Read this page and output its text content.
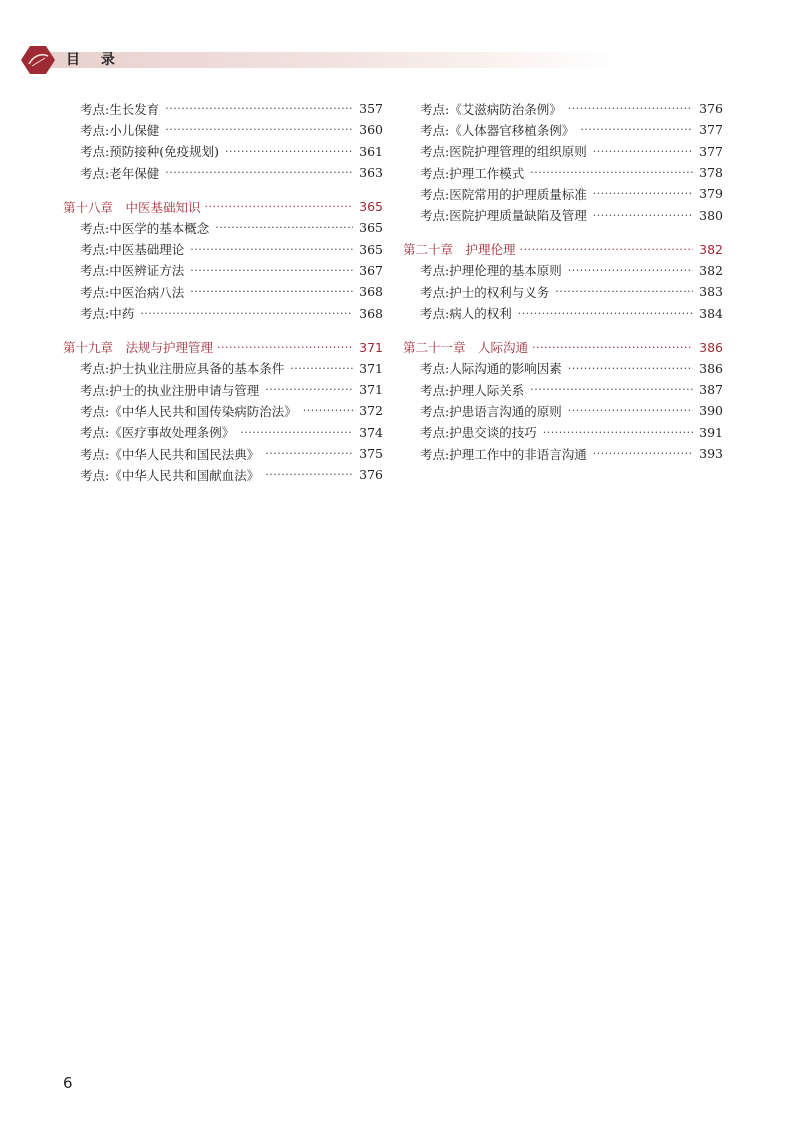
目 录
考点:生长发育 ·····	357
考点:小儿保健 ·····	360
考点:预防接种(免疫规划) ·····	361
考点:老年保健 ·····	363
第十八章　中医基础知识 ·····	365
考点:中医学的基本概念 ·····	365
考点:中医基础理论 ·····	365
考点:中医辨证方法 ·····	367
考点:中医治病八法 ·····	368
考点:中药 ·····	368
第十九章　法规与护理管理 ·····	371
考点:护士执业注册应具备的基本条件 ·····	371
考点:护士的执业注册申请与管理 ·····	371
考点:《中华人民共和国传染病防治法》 ·····	372
考点:《医疗事故处理条例》 ·····	374
考点:《中华人民共和国民法典》 ·····	375
考点:《中华人民共和国献血法》 ·····	376
考点:《艾滋病防治条例》 ·····	376
考点:《人体器官移植条例》 ·····	377
考点:医院护理管理的组织原则 ·····	377
考点:护理工作模式 ·····	378
考点:医院常用的护理质量标准 ·····	379
考点:医院护理质量缺陷及管理 ·····	380
第二十章　护理伦理 ·····	382
考点:护理伦理的基本原则 ·····	382
考点:护士的权利与义务 ·····	383
考点:病人的权利 ·····	384
第二十一章　人际沟通 ·····	386
考点:人际沟通的影响因素 ·····	386
考点:护理人际关系 ·····	387
考点:护患语言沟通的原则 ·····	390
考点:护患交谈的技巧 ·····	391
考点:护理工作中的非语言沟通 ·····	393
6
